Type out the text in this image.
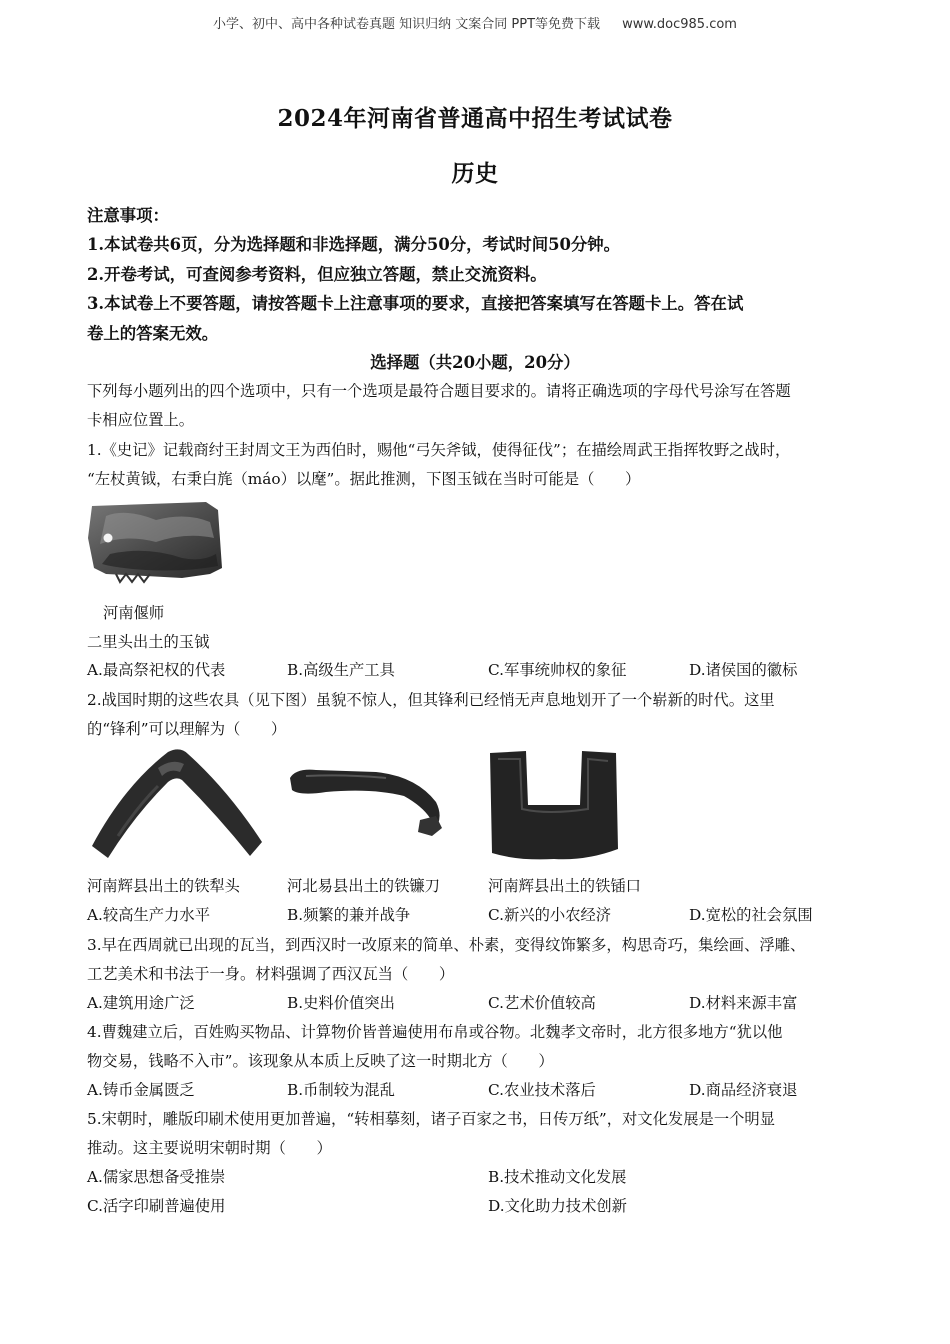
小学、初中、高中各种试卷真题 知识归纳 文案合同 PPT等免费下载 www.doc985.com
2024年河南省普通高中招生考试试卷
历史
注意事项：
1.本试卷共6页，分为选择题和非选择题，满分50分，考试时间50分钟。
2.开卷考试，可查阅参考资料，但应独立答题，禁止交流资料。
3.本试卷上不要答题，请按答题卡上注意事项的要求，直接把答案填写在答题卡上。答在试
卷上的答案无效。
选择题（共20小题，20分）
下列每小题列出的四个选项中，只有一个选项是最符合题目要求的。请将正确选项的字母代号涂写在答题
卡相应位置上。
1.《史记》记载商纣王封周文王为西伯时，赐他“弓矢斧钺，使得征伐”；在描绘周武王指挥牧野之战时，
“左杖黄钺，右秉白旄（máo）以麾”。据此推测，下图玉钺在当时可能是（　　）
河南偃师
二里头出土的玉钺
A.最高祭祀权的代表	B.高级生产工具	C.军事统帅权的象征	D.诸侯国的徽标
2.战国时期的这些农具（见下图）虽貌不惊人，但其锋利已经悄无声息地划开了一个崭新的时代。这里
的“锋利”可以理解为（　　）
河南辉县出土的铁犁头	河北易县出土的铁镰刀	河南辉县出土的铁锸口
A.较高生产力水平	B.频繁的兼并战争	C.新兴的小农经济	D.宽松的社会氛围
3.早在西周就已出现的瓦当，到西汉时一改原来的简单、朴素，变得纹饰繁多，构思奇巧，集绘画、浮雕、
工艺美术和书法于一身。材料强调了西汉瓦当（　　）
A.建筑用途广泛	B.史料价值突出	C.艺术价值较高	D.材料来源丰富
4.曹魏建立后，百姓购买物品、计算物价皆普遍使用布帛或谷物。北魏孝文帝时，北方很多地方“犹以他
物交易，钱略不入市”。该现象从本质上反映了这一时期北方（　　）
A.铸币金属匮乏	B.币制较为混乱	C.农业技术落后	D.商品经济衰退
5.宋朝时，雕版印刷术使用更加普遍，“转相摹刻，诸子百家之书，日传万纸”，对文化发展是一个明显
推动。这主要说明宋朝时期（　　）
A.儒家思想备受推崇	B.技术推动文化发展
C.活字印刷普遍使用	D.文化助力技术创新
